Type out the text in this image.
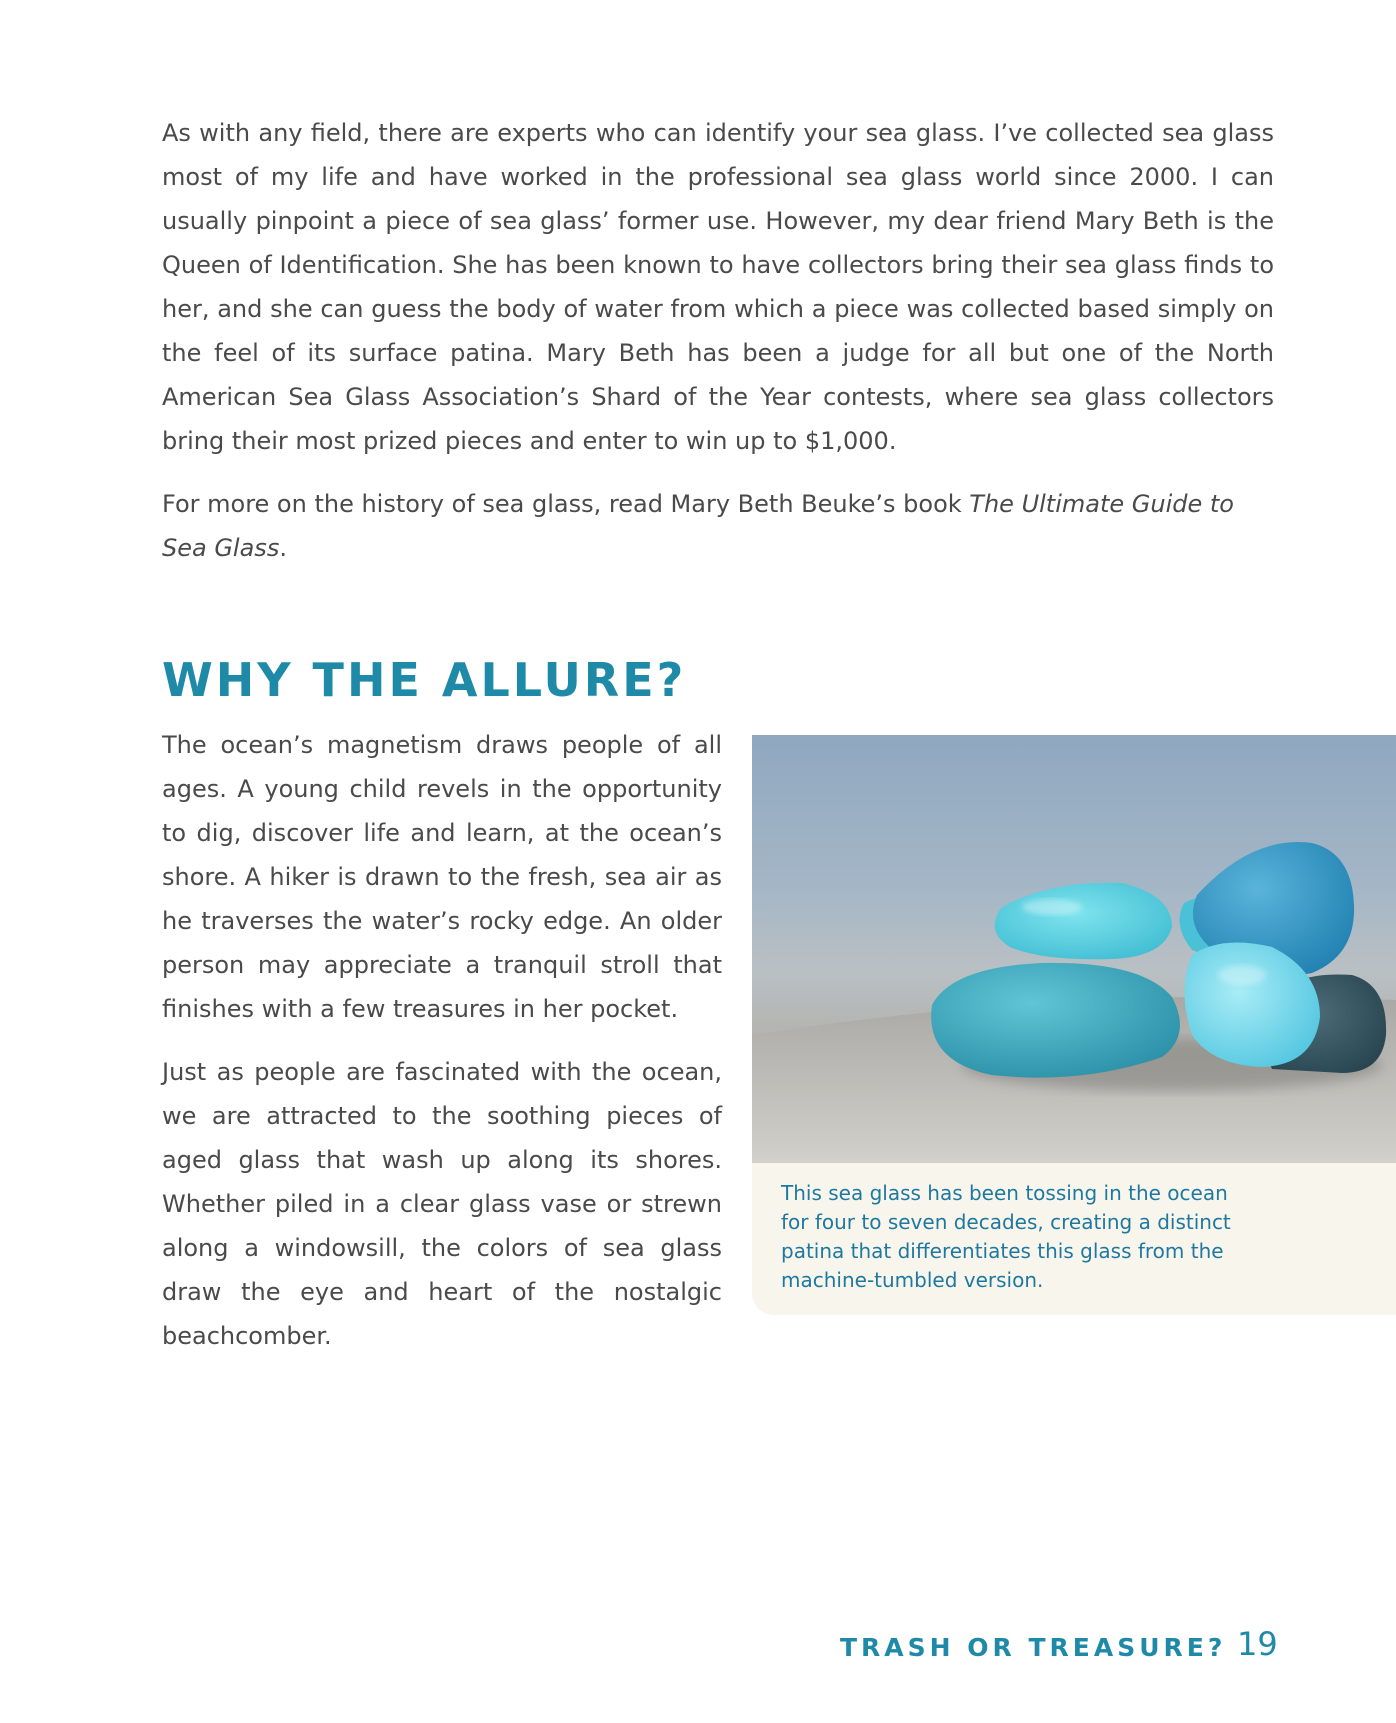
As with any field, there are experts who can identify your sea glass. I’ve collected sea glass most of my life and have worked in the professional sea glass world since 2000. I can usually pinpoint a piece of sea glass’ former use. However, my dear friend Mary Beth is the Queen of Identification. She has been known to have collectors bring their sea glass finds to her, and she can guess the body of water from which a piece was collected based simply on the feel of its surface patina. Mary Beth has been a judge for all but one of the North American Sea Glass Association’s Shard of the Year contests, where sea glass collectors bring their most prized pieces and enter to win up to $1,000.

For more on the history of sea glass, read Mary Beth Beuke’s book The Ultimate Guide to Sea Glass.

WHY THE ALLURE?

The ocean’s magnetism draws people of all ages. A young child revels in the opportunity to dig, discover life and learn, at the ocean’s shore. A hiker is drawn to the fresh, sea air as he traverses the water’s rocky edge. An older person may appreciate a tranquil stroll that finishes with a few treasures in her pocket.

Just as people are fascinated with the ocean, we are attracted to the soothing pieces of aged glass that wash up along its shores. Whether piled in a clear glass vase or strewn along a windowsill, the colors of sea glass draw the eye and heart of the nostalgic beachcomber.

This sea glass has been tossing in the ocean for four to seven decades, creating a distinct patina that differentiates this glass from the machine-tumbled version.

TRASH OR TREASURE? 19
